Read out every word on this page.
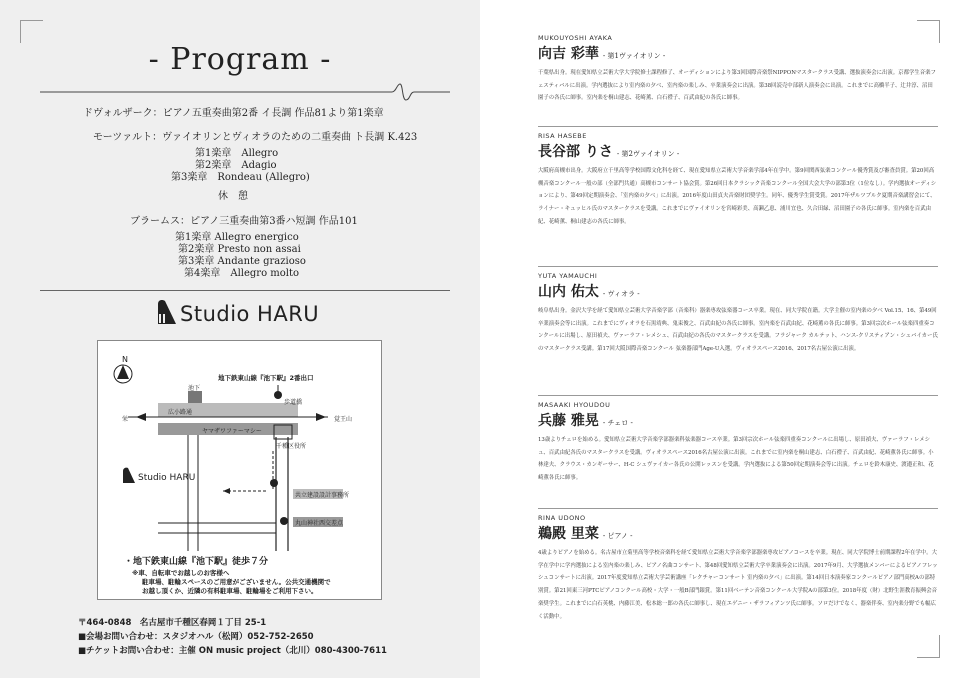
- Program -
ドヴォルザーク：ピアノ五重奏曲第2番 イ長調 作品81より第1楽章
モーツァルト：ヴァイオリンとヴィオラのための二重奏曲 ト長調 K.423
第1楽章　Allegro
第2楽章　Adagio
第3楽章　Rondeau (Allegro)
休　憩
ブラームス：ピアノ三重奏曲第3番ハ短調 作品101
第1楽章 Allegro energico
第2楽章 Presto non assai
第3楽章 Andante grazioso
第4楽章　Allegro molto
Studio HARU
N
地下鉄東山線『池下駅』2番出口
池下
栄	覚王山
広小路通
歩道橋
ヤマザワファーマシー
千種区役所
Studio HARU
共立建設設計事務所
丸山神社西交差点
・地下鉄東山線『池下駅』徒歩７分
※車、自転車でお越しのお客様へ
駐車場、駐輪スペースのご用意がございません。公共交通機関で
お越し頂くか、近隣の有料駐車場、駐輪場をご利用下さい。
〒464-0848　名古屋市千種区春岡１丁目 25-1
■会場お問い合わせ：スタジオハル（松岡）052-752-2650
■チケットお問い合わせ：主催 ON music project（北川）080-4300-7611
MUKOUYOSHI AYAKA
向吉 彩華 - 第1ヴァイオリン -
千葉県出身。現在愛知県立芸術大学大学院修士課程修了、オーディションにより第3回国際音楽祭NIPPONマスタークラス受講、選抜演奏会に出演。京都学生音楽フェスティバルに出演。学内選抜により室内楽の夕べ、室内楽の楽しみ、卒業演奏会に出演。第38回読売中部新人演奏会に出演。これまでに高橋半子、辻井淳、沼田園子の各氏に師事。室内楽を桐山建志、花崎薫、白石禮子、百武由紀の各氏に師事。
RISA HASEBE
長谷部 りさ - 第2ヴァイオリン -
大阪府高槻市出身。大阪府立千里高等学校国際文化科を経て、現在愛知県立芸術大学音楽学部4年在学中。第9回関西弦楽コンクール優秀賞及び審査員賞。第20回高槻音楽コンクール一般の部（全部門共通）高槻市コンサート協会賞。第26回日本クラシック音楽コンクール全国大会大学の部第3位（1位なし）。学内選抜オーディションにより、第49回定期演奏会、「室内楽の夕べ」に出演。2016年度山田貞夫音楽財団奨学生。同年、優秀学生賞受賞。2017年ザルツブルク夏期音楽講習会にて、ライナー・キュッヒル氏のマスタークラスを受講。これまでにヴァイオリンを宮崎彩美、高瀬乙恵、浦川宜也、久合田緑、沼田園子の各氏に師事。室内楽を百武由紀、花崎薫、桐山建志の各氏に師事。
YUTA YAMAUCHI
山内 佑太 - ヴィオラ -
岐阜県出身。金沢大学を経て愛知県立芸術大学音楽学部（音楽科）器楽専攻弦楽器コース卒業。現在、同大学院在籍。大学主催の室内楽の夕べ Vol.15、16、第49回卒業演奏会等に出演。これまでにヴィオラを石黒靖典、鬼束俊之、百武由紀の各氏に師事。室内楽を百武由紀、花崎薫の各氏に師事。第3回宗次ホール弦楽四重奏コンクールに出場し、原田禎夫、ヴァーラフ・レメシュ、百武由紀の各氏のマスタークラスを受講。フラジャーク カルテット、ハンス-クリスティアン・シュバイカー氏のマスタークラス受講。第17回大阪国際音楽コンクール 弦楽器部門Age-U入選。ヴィオラスペース2016、2017名古屋公演に出演。
MASAAKI HYOUDOU
兵藤 雅晃 - チェロ -
13歳よりチェロを始める。愛知県立芸術大学音楽学部器楽科弦楽器コース卒業。第3回宗次ホール弦楽四重奏コンクールに出場し、原田禎夫、ヴァーラフ・レメシュ、百武由紀各氏のマスタークラスを受講。ヴィオラスペース2016名古屋公演に出演。これまでに室内楽を桐山建志、白石禮子、百武由紀、花崎薫各氏に師事。小林達夫、クラウス・カンギーサー、H-C シュヴァイカー各氏の公開レッスンを受講。学内選抜による第50回定期演奏会等に出演。チェロを鈴木康史、渡邉正和、花崎薫各氏に師事。
RINA UDONO
鵜殿 里菜 - ピアノ -
4歳よりピアノを始める。名古屋市立菊里高等学校音楽科を経て愛知県立芸術大学音楽学部器楽専攻ピアノコースを卒業。現在、同大学院博士前期課程2年在学中。大学在学中に学内選抜による室内楽の楽しみ、ピアノ名曲コンサート、第48回愛知県立芸術大学卒業演奏会に出演。2017年9月、大学選抜メンバーによるピアノフレッシュコンサートに出演。2017年度愛知県立芸術大学芸術講座「レクチャーコンサート 室内楽の夕べ」に出演。第14回日本演奏家コンクールピアノ部門高校Aの部特別賞。第21回東三河PTCピアノコンクール高校・大学・一般B部門銀賞。第11回ベーテン音楽コンクール大学院Aの部第3位。2018年度（財）北野生涯教育振興会音楽奨学生。これまでに白石英桃、内藤江美、松本総一郎の各氏に師事し、現在エゲニー・ザラフィアンツ氏に師事。ソロだけでなく、器楽伴奏、室内楽分野でも幅広く活動中。
